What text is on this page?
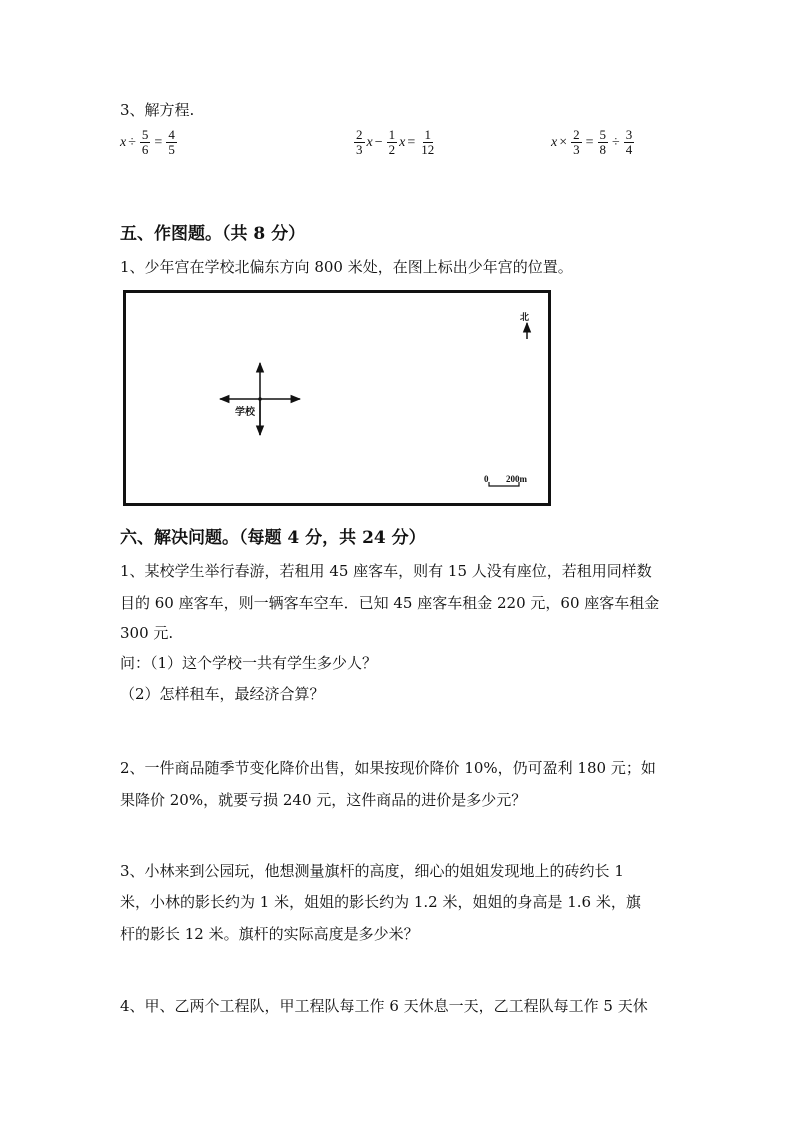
3、解方程.
$x \div \frac{5}{6} = \frac{4}{5}$	$\frac{2}{3}$ $x - \frac{1}{2}$ $x = \frac{1}{12}$	$x \times \frac{2}{3} = \frac{5}{8} \div \frac{3}{4}$
五、作图题。（共 8 分）
1、少年宫在学校北偏东方向 800 米处，在图上标出少年宫的位置。
北
学校
0 200m
六、解决问题。（每题 4 分，共 24 分）
1、某校学生举行春游，若租用 45 座客车，则有 15 人没有座位，若租用同样数
目的 60 座客车，则一辆客车空车．已知 45 座客车租金 220 元，60 座客车租金
300 元.
问：（1）这个学校一共有学生多少人？
（2）怎样租车，最经济合算？
2、一件商品随季节变化降价出售，如果按现价降价 10%，仍可盈利 180 元；如
果降价 20%，就要亏损 240 元，这件商品的进价是多少元？
3、小林来到公园玩，他想测量旗杆的高度，细心的姐姐发现地上的砖约长 1
米，小林的影长约为 1 米，姐姐的影长约为 1.2 米，姐姐的身高是 1.6 米，旗
杆的影长 12 米。旗杆的实际高度是多少米？
4、甲、乙两个工程队，甲工程队每工作 6 天休息一天，乙工程队每工作 5 天休
